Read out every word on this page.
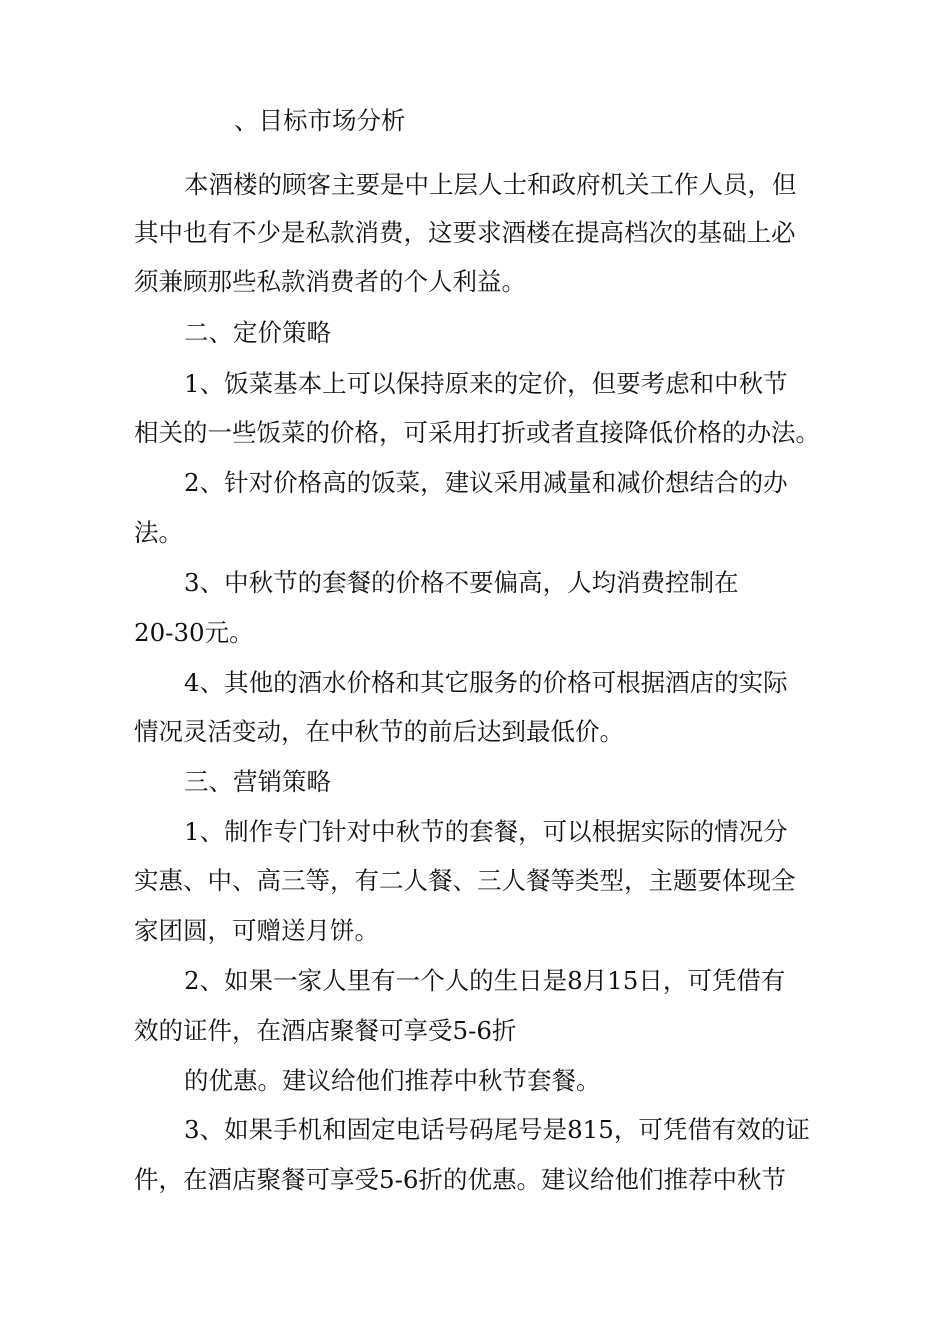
、目标市场分析
本酒楼的顾客主要是中上层人士和政府机关工作人员，但
其中也有不少是私款消费，这要求酒楼在提高档次的基础上必
须兼顾那些私款消费者的个人利益。
二、定价策略
1、饭菜基本上可以保持原来的定价，但要考虑和中秋节
相关的一些饭菜的价格，可采用打折或者直接降低价格的办法。
2、针对价格高的饭菜，建议采用减量和减价想结合的办
法。
3、中秋节的套餐的价格不要偏高，人均消费控制在
20-30元。
4、其他的酒水价格和其它服务的价格可根据酒店的实际
情况灵活变动，在中秋节的前后达到最低价。
三、营销策略
1、制作专门针对中秋节的套餐，可以根据实际的情况分
实惠、中、高三等，有二人餐、三人餐等类型，主题要体现全
家团圆，可赠送月饼。
2、如果一家人里有一个人的生日是8月15日，可凭借有
效的证件，在酒店聚餐可享受5-6折
的优惠。建议给他们推荐中秋节套餐。
3、如果手机和固定电话号码尾号是815，可凭借有效的证
件，在酒店聚餐可享受5-6折的优惠。建议给他们推荐中秋节
